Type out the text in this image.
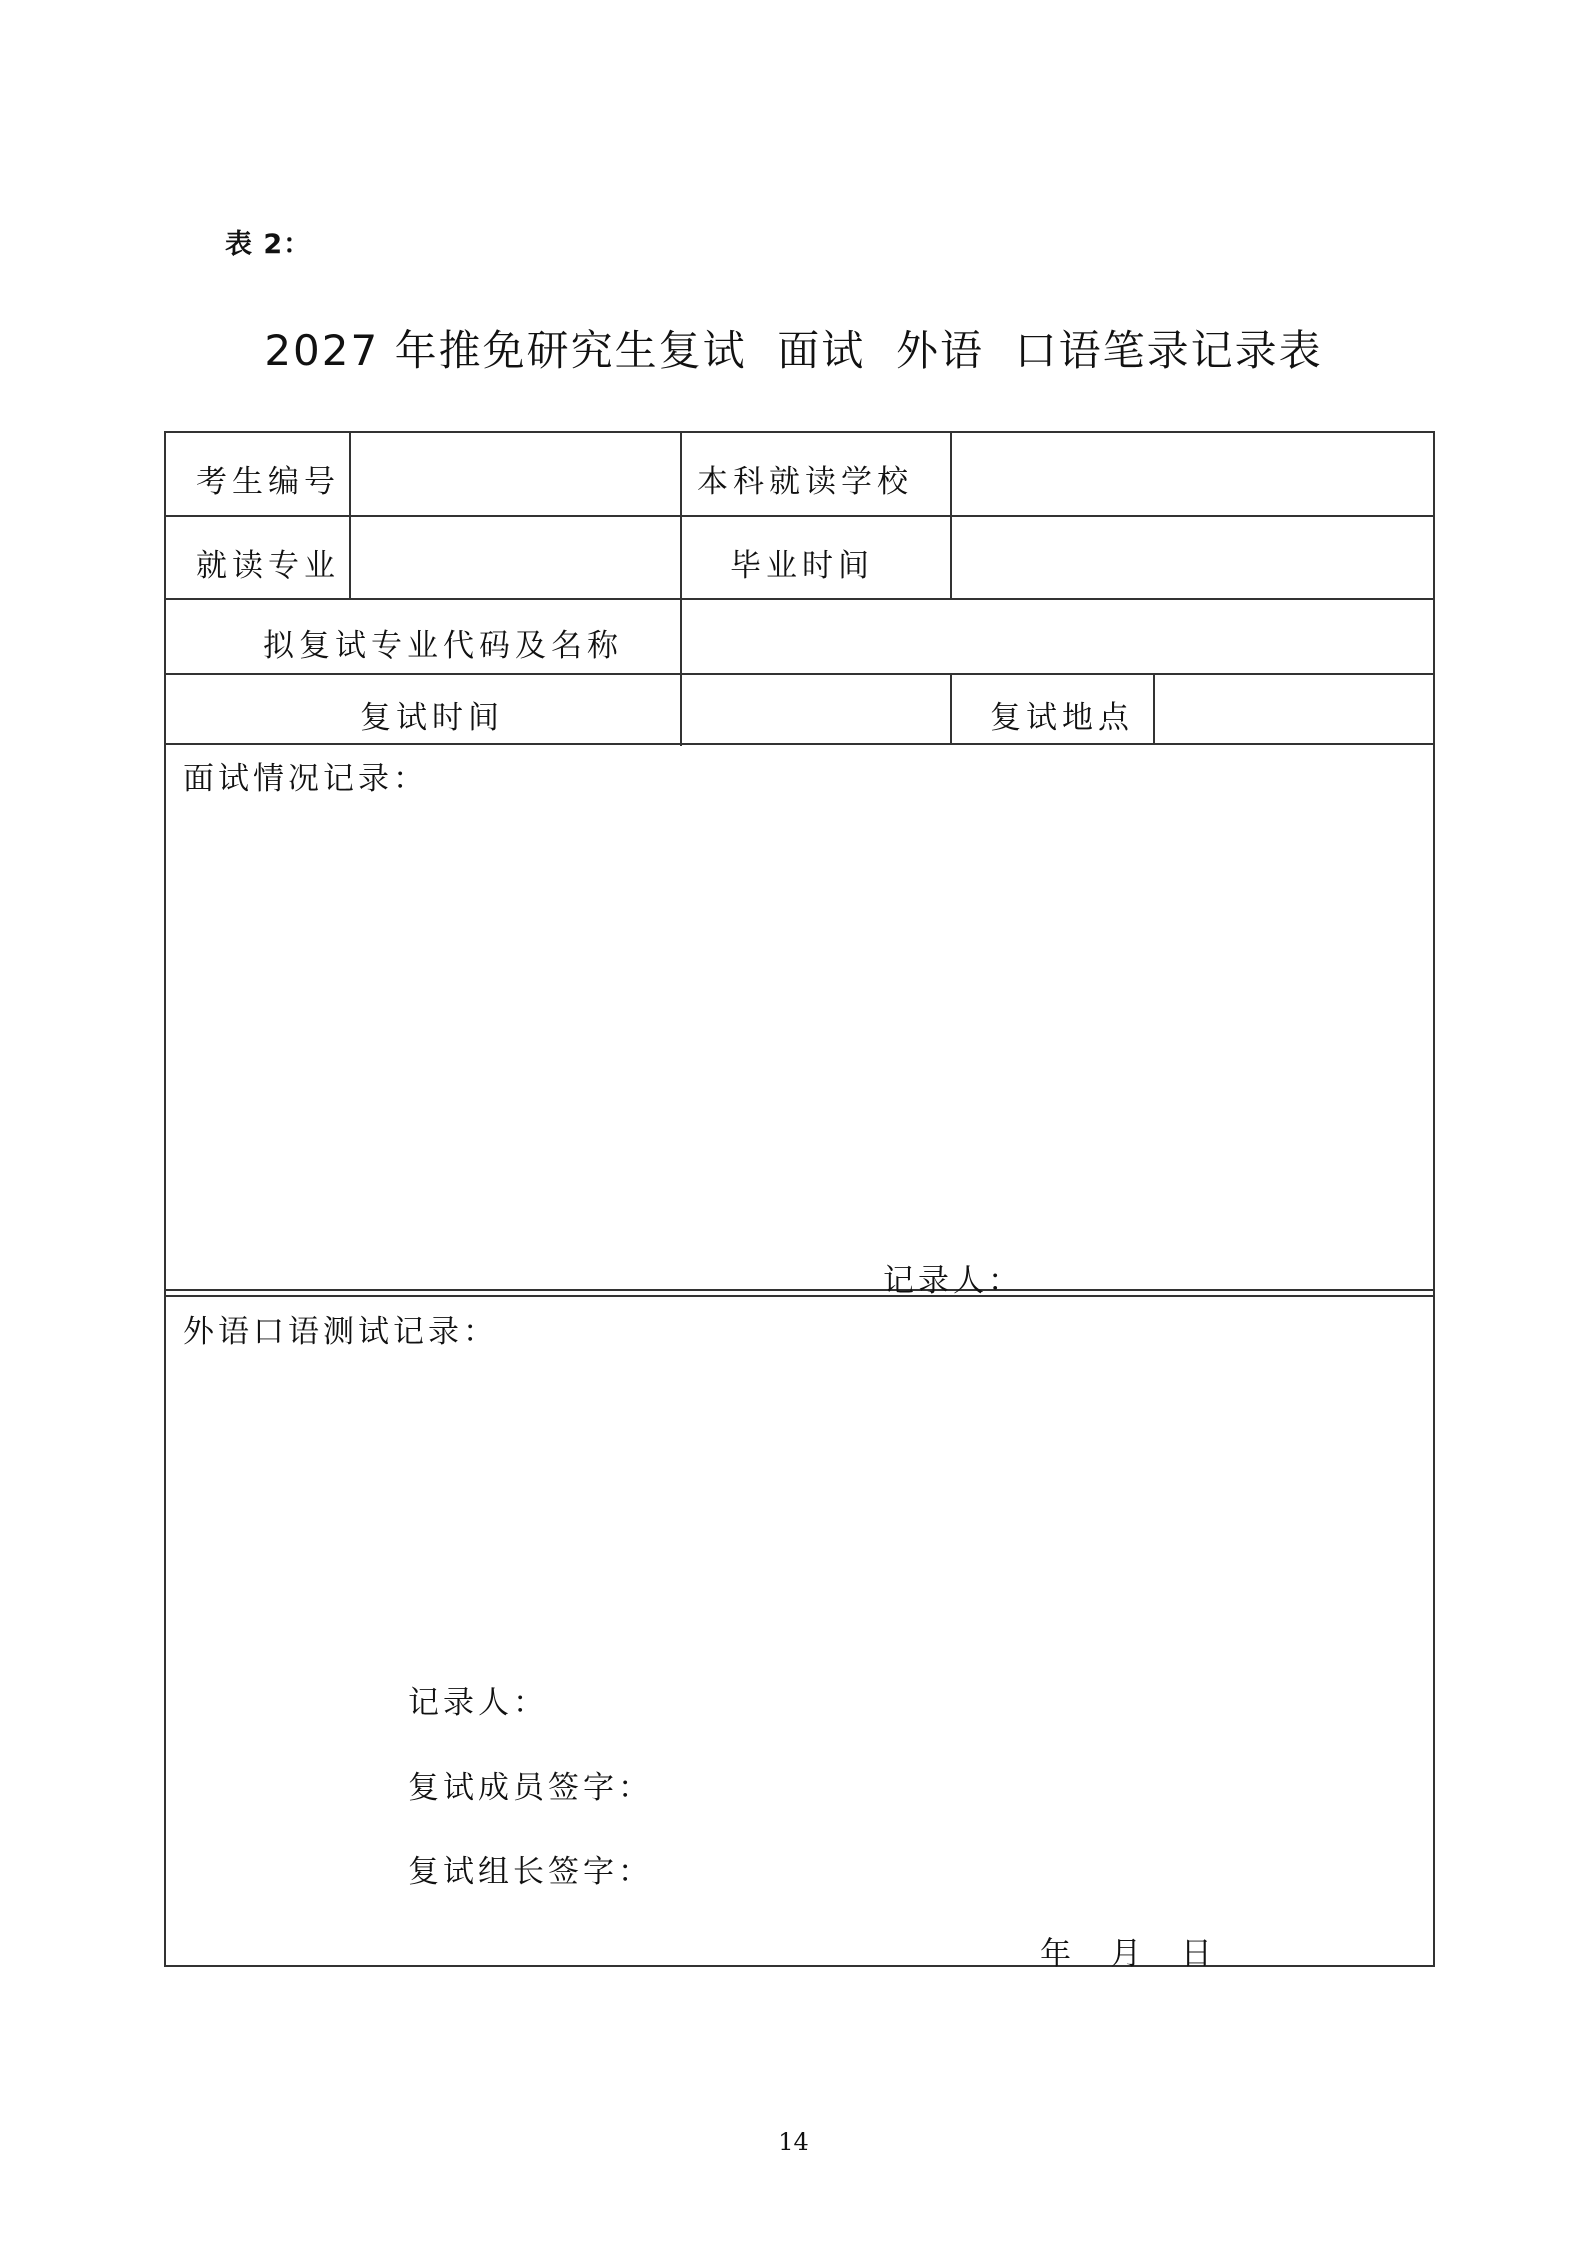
表 2：
2027 年推免研究生复试  面试  外语  口语笔录记录表
考生编号	本科就读学校
就读专业	毕业时间
拟复试专业代码及名称
复试时间	复试地点
面试情况记录：
记录人：
外语口语测试记录：
记录人：
复试成员签字：
复试组长签字：
年    月    日
14
